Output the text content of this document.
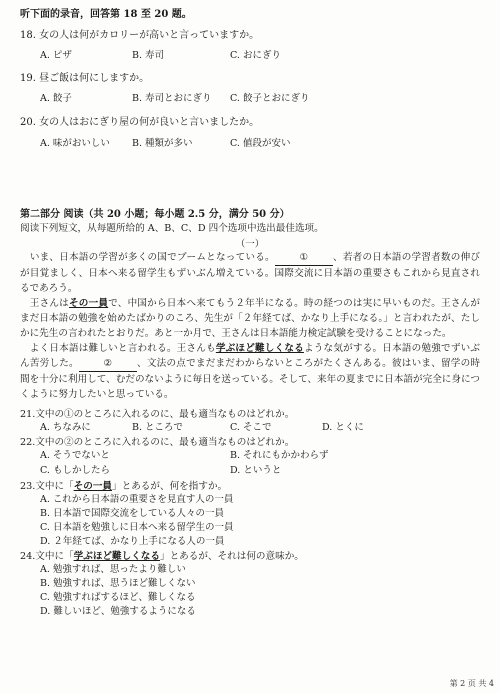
听下面的录音，回答第 18 至 20 题。
18. 女の人は何がカロリーが高いと言っていますか。
A. ピザ	B. 寿司	C. おにぎり
19. 昼ご飯は何にしますか。
A. 餃子	B. 寿司とおにぎり C. 餃子とおにぎり
20. 女の人はおにぎり屋の何が良いと言いましたか。
A. 味がおいしい B. 種類が多い	C. 値段が安い
第二部分 阅读（共 20 小题；每小题 2.5 分，满分 50 分）
阅读下列短文，从每题所给的 A、B、C、D 四个选项中选出最佳选项。
（一）

　いま、日本語の学習が多くの国でブームとなっている。	①	、若者の日本語の学習者数の伸びが目覚ましく、日本へ来る留学生もずいぶん増えている。国際交流に日本語の重要さもこれから見直されるであろう。

　王さんはその一員で、中国から日本へ来てもう２年半になる。時の経つのは実に早いものだ。王さんがまだ日本語の勉強を始めたばかりのころ、先生が「２年経てば、かなり上手になる。」と言われたが、たしかに先生の言われたとおりだ。あと一か月で、王さんは日本語能力検定試験を受けることになった。

　よく日本語は難しいと言われる。王さんも学ぶほど難しくなるような気がする。日本語の勉強でずいぶん苦労した。	②	、文法の点でまだまだわからないところがたくさんある。彼はいま、留学の時間を十分に利用して、むだのないように毎日を送っている。そして、来年の夏までに日本語が完全に身につくように努力したいと思っている。

21.文中の①のところに入れるのに、最も適当なものはどれか。
A. ちなみに	B. ところで	C. そこで	D. とくに
22.文中の②のところに入れるのに、最も適当なものはどれか。
A. そうでないと	B. それにもかかわらず
C. もしかしたら	D. というと
23.文中に「その一員」とあるが、何を指すか。
A. これから日本語の重要さを見直す人の一員
B. 日本語で国際交流をしている人々の一員
C. 日本語を勉強しに日本へ来る留学生の一員
D. ２年経てば、かなり上手になる人の一員
24.文中に「学ぶほど難しくなる」とあるが、それは何の意味か。
A. 勉強すれば、思ったより難しい
B. 勉強すれば、思うほど難しくない
C. 勉強すればするほど、難しくなる
D. 難しいほど、勉強するようになる
第 2 页 共 4
